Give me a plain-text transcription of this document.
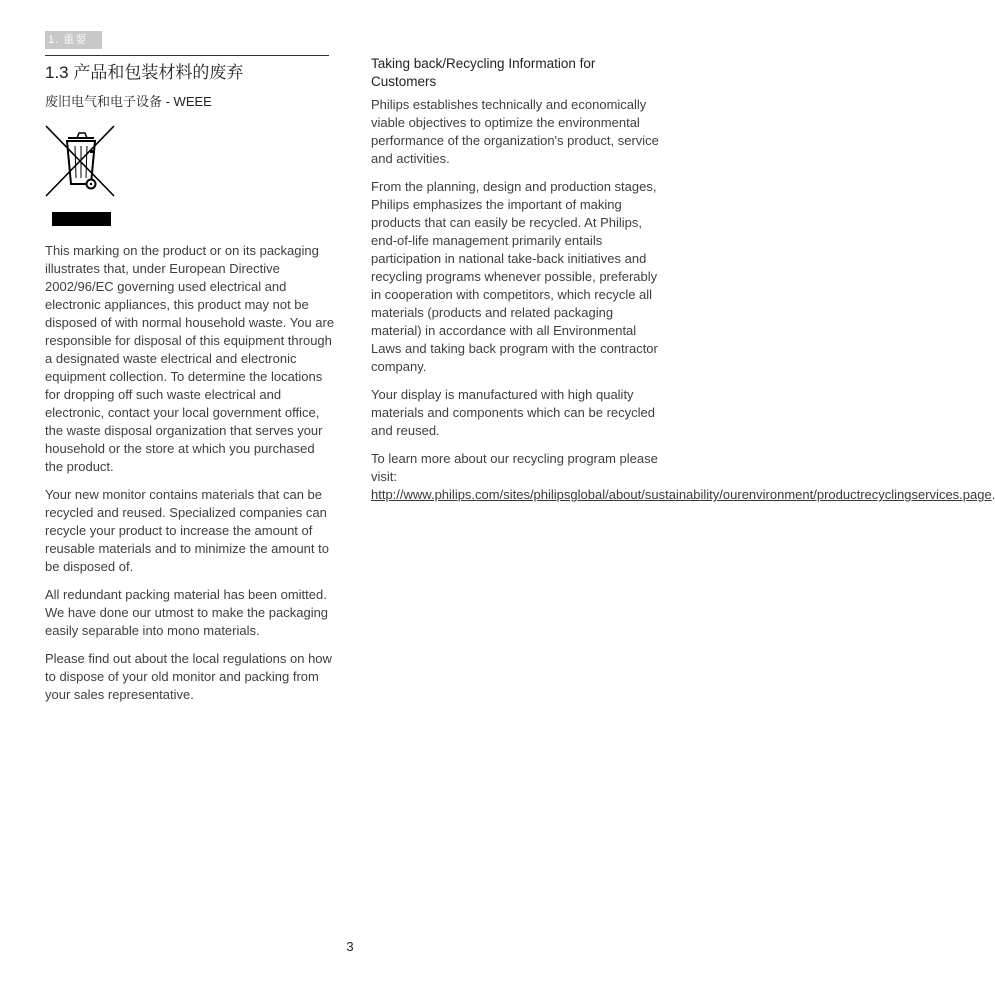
1. 重要
1.3 产品和包装材料的废弃
废旧电气和电子设备 - WEEE

This marking on the product or on its packaging illustrates that, under European Directive 2002/96/EC governing used electrical and electronic appliances, this product may not be disposed of with normal household waste. You are responsible for disposal of this equipment through a designated waste electrical and electronic equipment collection. To determine the locations for dropping off such waste electrical and electronic, contact your local government office, the waste disposal organization that serves your household or the store at which you purchased the product.

Your new monitor contains materials that can be recycled and reused. Specialized companies can recycle your product to increase the amount of reusable materials and to minimize the amount to be disposed of.

All redundant packing material has been omitted. We have done our utmost to make the packaging easily separable into mono materials.

Please find out about the local regulations on how to dispose of your old monitor and packing from your sales representative.

Taking back/Recycling Information for Customers

Philips establishes technically and economically viable objectives to optimize the environmental performance of the organization's product, service and activities.

From the planning, design and production stages, Philips emphasizes the important of making products that can easily be recycled. At Philips, end-of-life management primarily entails participation in national take-back initiatives and recycling programs whenever possible, preferably in cooperation with competitors, which recycle all materials (products and related packaging material) in accordance with all Environmental Laws and taking back program with the contractor company.

Your display is manufactured with high quality materials and components which can be recycled and reused.

To learn more about our recycling program please visit: http://www.philips.com/sites/philipsglobal/about/sustainability/ourenvironment/productrecyclingservices.page.

3
